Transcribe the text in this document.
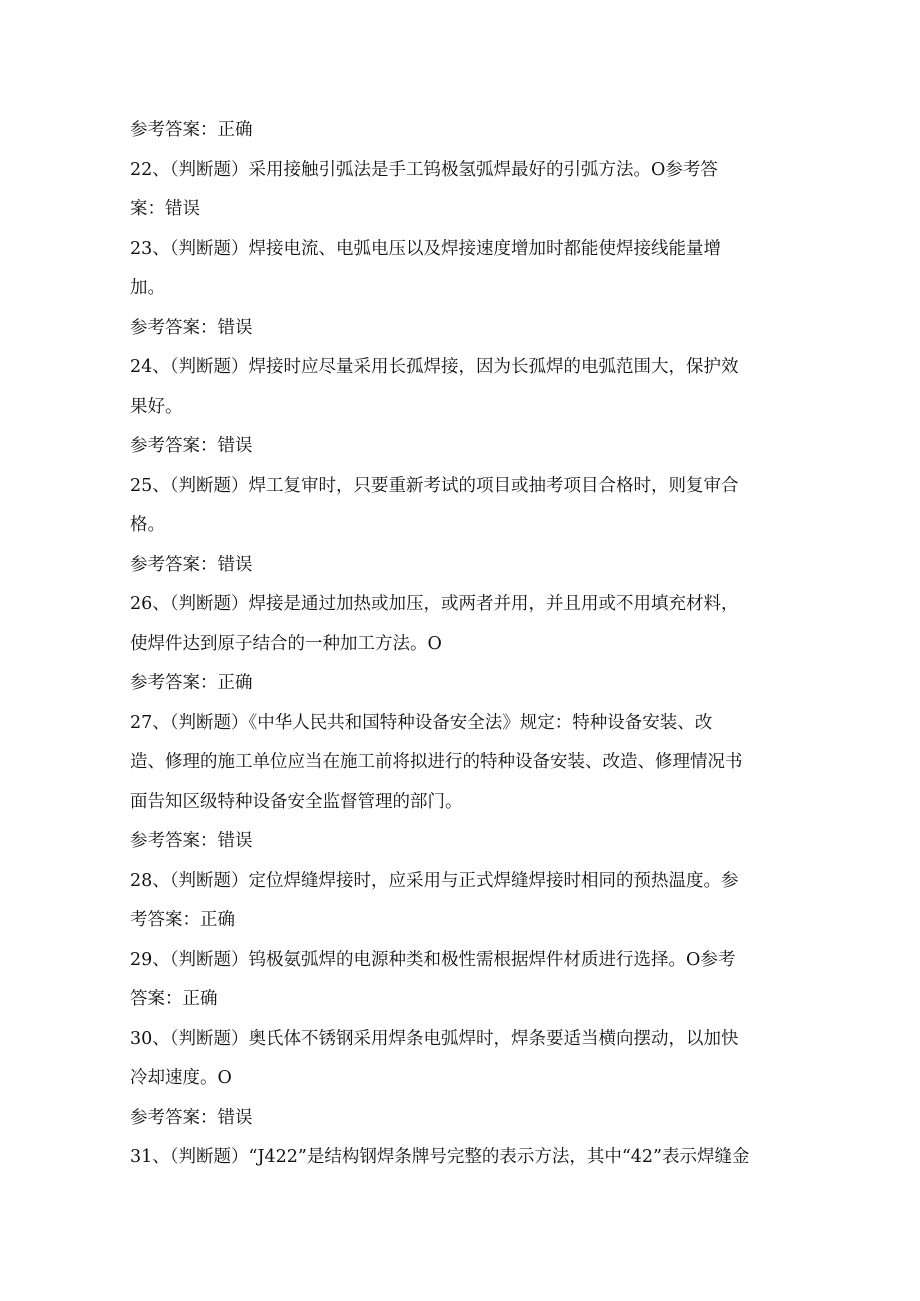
参考答案：正确
22、（判断题）采用接触引弧法是手工钨极氢弧焊最好的引弧方法。O参考答
案：错误
23、（判断题）焊接电流、电弧电压以及焊接速度增加时都能使焊接线能量增
加。
参考答案：错误
24、（判断题）焊接时应尽量采用长孤焊接，因为长孤焊的电弧范围大，保护效
果好。
参考答案：错误
25、（判断题）焊工复审时，只要重新考试的项目或抽考项目合格时，则复审合
格。
参考答案：错误
26、（判断题）焊接是通过加热或加压，或两者并用，并且用或不用填充材料，
使焊件达到原子结合的一种加工方法。O
参考答案：正确
27、（判断题）《中华人民共和国特种设备安全法》规定：特种设备安装、改
造、修理的施工单位应当在施工前将拟进行的特种设备安装、改造、修理情况书
面告知区级特种设备安全监督管理的部门。
参考答案：错误
28、（判断题）定位焊缝焊接时，应采用与正式焊缝焊接时相同的预热温度。参
考答案：正确
29、（判断题）钨极氨弧焊的电源种类和极性需根据焊件材质进行选择。O参考
答案：正确
30、（判断题）奥氏体不锈钢采用焊条电弧焊时，焊条要适当横向摆动，以加快
冷却速度。O
参考答案：错误
31、（判断题）“J422”是结构钢焊条牌号完整的表示方法，其中“42”表示焊缝金
